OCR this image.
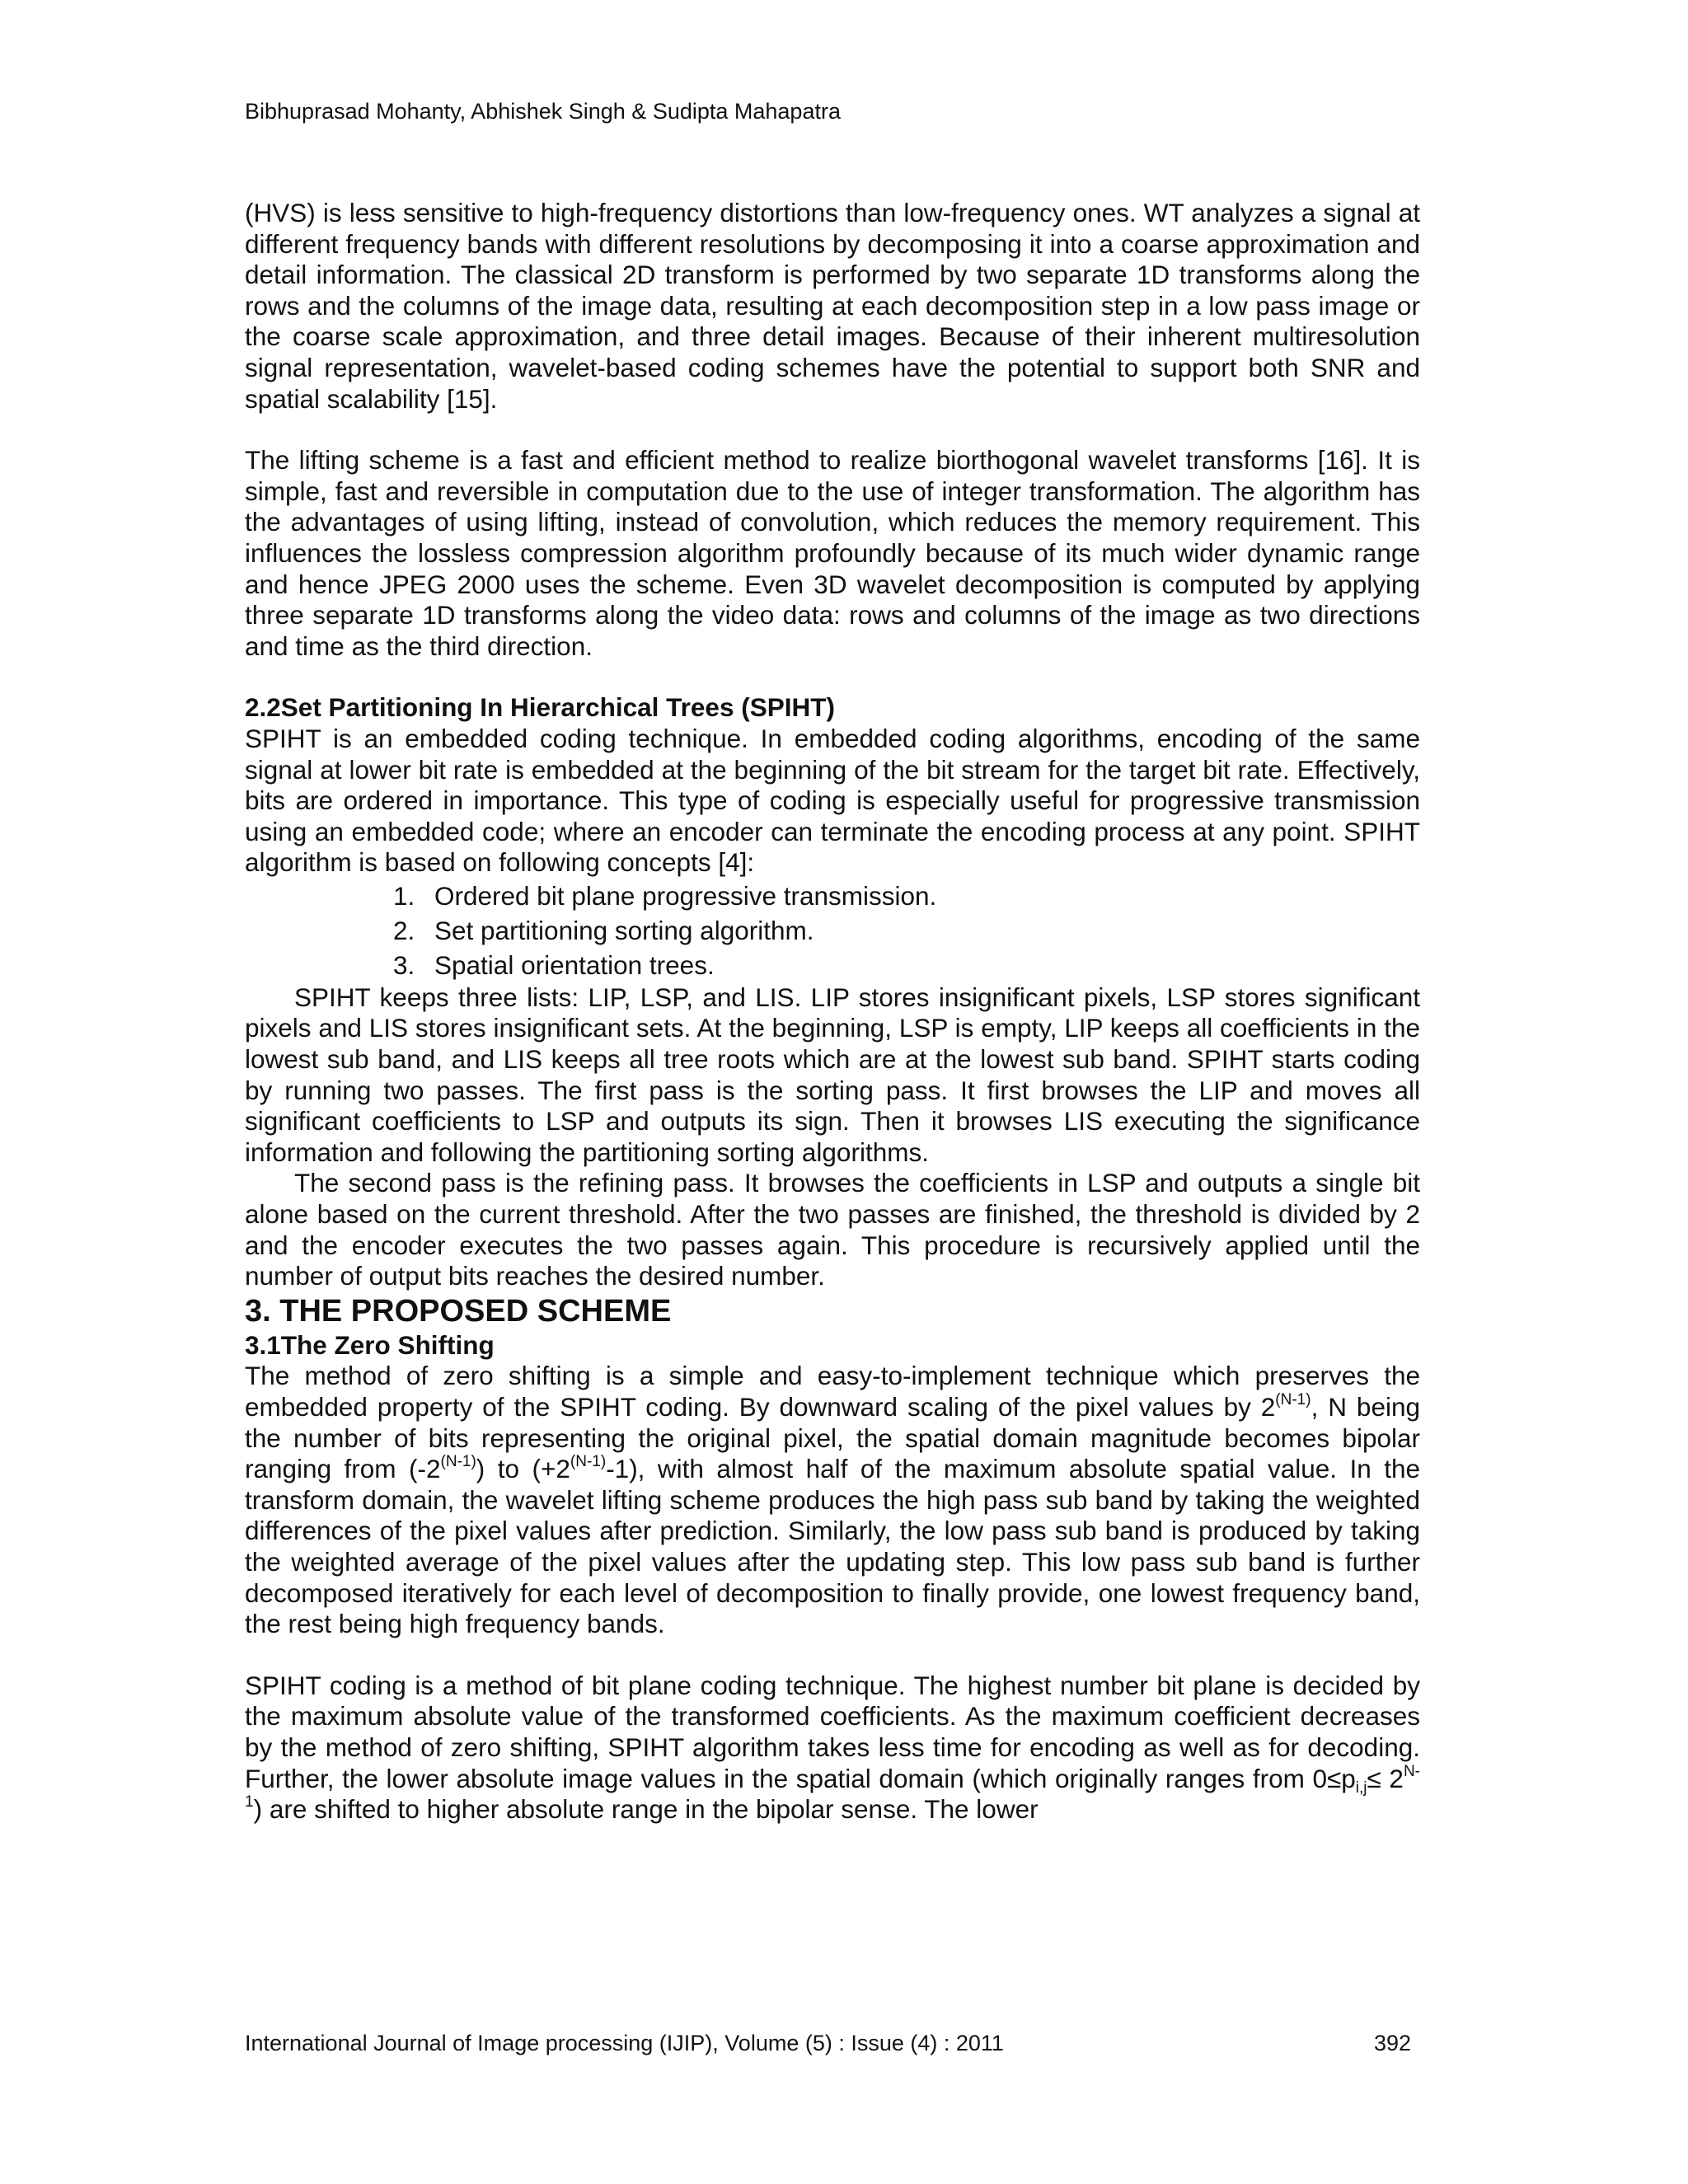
Bibhuprasad Mohanty, Abhishek Singh & Sudipta Mahapatra

(HVS) is less sensitive to high-frequency distortions than low-frequency ones. WT analyzes a signal at different frequency bands with different resolutions by decomposing it into a coarse approximation and detail information. The classical 2D transform is performed by two separate 1D transforms along the rows and the columns of the image data, resulting at each decomposition step in a low pass image or the coarse scale approximation, and three detail images. Because of their inherent multiresolution signal representation, wavelet-based coding schemes have the potential to support both SNR and spatial scalability [15].

The lifting scheme is a fast and efficient method to realize biorthogonal wavelet transforms [16]. It is simple, fast and reversible in computation due to the use of integer transformation. The algorithm has the advantages of using lifting, instead of convolution, which reduces the memory requirement. This influences the lossless compression algorithm profoundly because of its much wider dynamic range and hence JPEG 2000 uses the scheme. Even 3D wavelet decomposition is computed by applying three separate 1D transforms along the video data: rows and columns of the image as two directions and time as the third direction.

2.2Set Partitioning In Hierarchical Trees (SPIHT)

SPIHT is an embedded coding technique. In embedded coding algorithms, encoding of the same signal at lower bit rate is embedded at the beginning of the bit stream for the target bit rate. Effectively, bits are ordered in importance. This type of coding is especially useful for progressive transmission using an embedded code; where an encoder can terminate the encoding process at any point. SPIHT algorithm is based on following concepts [4]:

1. Ordered bit plane progressive transmission.
2. Set partitioning sorting algorithm.
3. Spatial orientation trees.

SPIHT keeps three lists: LIP, LSP, and LIS. LIP stores insignificant pixels, LSP stores significant pixels and LIS stores insignificant sets. At the beginning, LSP is empty, LIP keeps all coefficients in the lowest sub band, and LIS keeps all tree roots which are at the lowest sub band. SPIHT starts coding by running two passes. The first pass is the sorting pass. It first browses the LIP and moves all significant coefficients to LSP and outputs its sign. Then it browses LIS executing the significance information and following the partitioning sorting algorithms.

The second pass is the refining pass. It browses the coefficients in LSP and outputs a single bit alone based on the current threshold. After the two passes are finished, the threshold is divided by 2 and the encoder executes the two passes again. This procedure is recursively applied until the number of output bits reaches the desired number.

3. THE PROPOSED SCHEME

3.1The Zero Shifting

The method of zero shifting is a simple and easy-to-implement technique which preserves the embedded property of the SPIHT coding. By downward scaling of the pixel values by $2^{(N-1)}$, N being the number of bits representing the original pixel, the spatial domain magnitude becomes bipolar ranging from $(-2^{(N-1)})$ to $(+2^{(N-1)}-1)$, with almost half of the maximum absolute spatial value. In the transform domain, the wavelet lifting scheme produces the high pass sub band by taking the weighted differences of the pixel values after prediction. Similarly, the low pass sub band is produced by taking the weighted average of the pixel values after the updating step. This low pass sub band is further decomposed iteratively for each level of decomposition to finally provide, one lowest frequency band, the rest being high frequency bands.

SPIHT coding is a method of bit plane coding technique. The highest number bit plane is decided by the maximum absolute value of the transformed coefficients. As the maximum coefficient decreases by the method of zero shifting, SPIHT algorithm takes less time for encoding as well as for decoding. Further, the lower absolute image values in the spatial domain (which originally ranges from $0\le p_{i,j}\le 2^{N-1}$) are shifted to higher absolute range in the bipolar sense. The lower

International Journal of Image processing (IJIP), Volume (5) : Issue (4) : 2011	392
